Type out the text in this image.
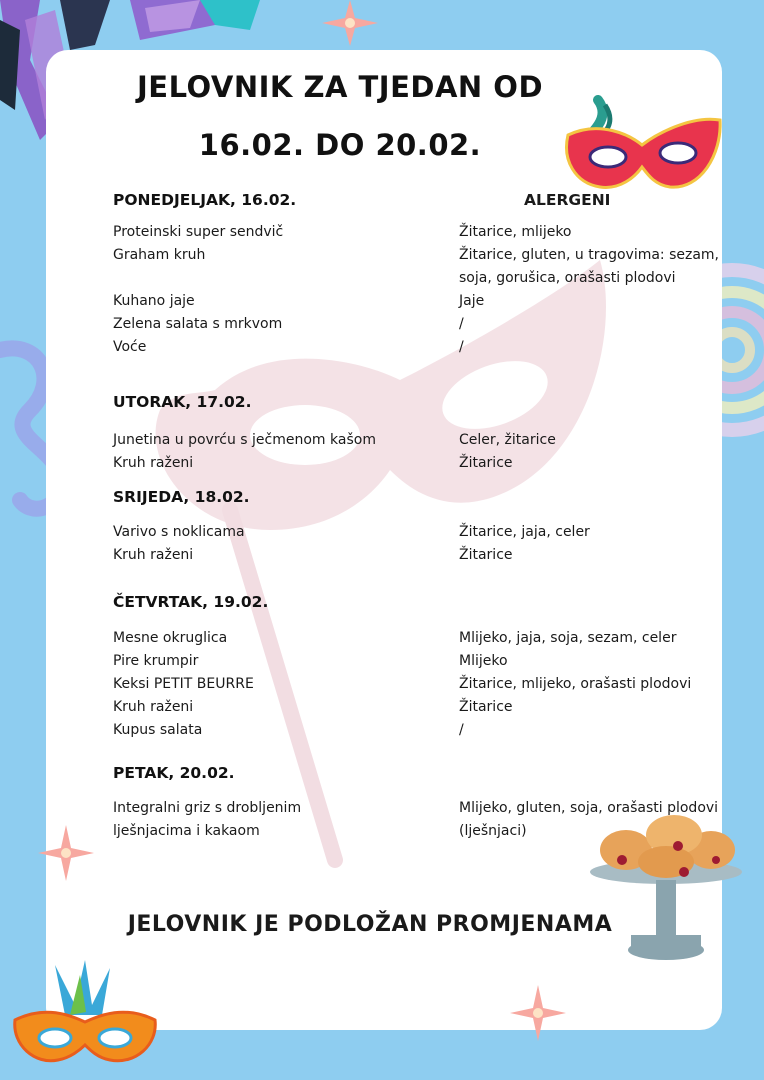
JELOVNIK ZA TJEDAN OD
16.02. DO 20.02.
ALERGENI
PONEDJELJAK, 16.02.
Proteinski super sendvič
Graham kruh
Kuhano jaje
Zelena salata s mrkvom
Voće
Žitarice, mlijeko
Žitarice, gluten, u tragovima: sezam,
soja, gorušica, orašasti plodovi
Jaje
/
/
UTORAK, 17.02.
Junetina u povrću s ječmenom kašom
Kruh raženi
Celer, žitarice
Žitarice
SRIJEDA, 18.02.
Varivo s noklicama
Kruh raženi
Žitarice, jaja, celer
Žitarice
ČETVRTAK, 19.02.
Mesne okruglica
Pire krumpir
Keksi PETIT BEURRE
Kruh raženi
Kupus salata
Mlijeko, jaja, soja, sezam, celer
Mlijeko
Žitarice, mlijeko, orašasti plodovi
Žitarice
/
PETAK, 20.02.
Integralni griz s drobljenim
lješnjacima i kakaom
Mlijeko, gluten, soja, orašasti plodovi
(lješnjaci)
JELOVNIK JE PODLOŽAN PROMJENAMA
